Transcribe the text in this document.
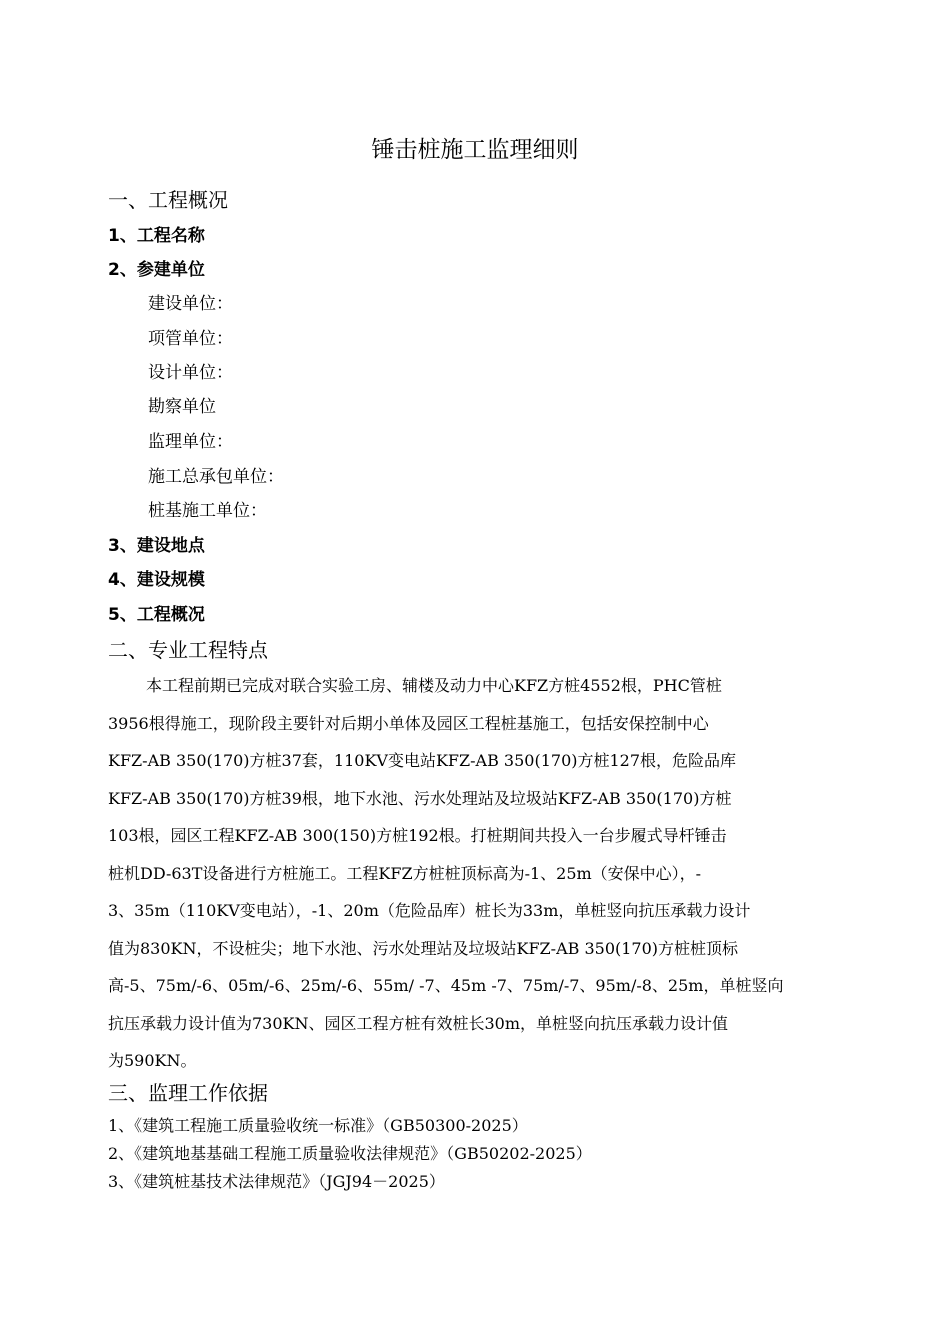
锤击桩施工监理细则
一、工程概况
1、工程名称
2、参建单位
建设单位：
项管单位：
设计单位：
勘察单位
监理单位：
施工总承包单位：
桩基施工单位：
3、建设地点
4、建设规模
5、工程概况
二、专业工程特点
本工程前期已完成对联合实验工房、辅楼及动力中心KFZ方桩4552根，PHC管桩
3956根得施工，现阶段主要针对后期小单体及园区工程桩基施工，包括安保控制中心
KFZ-AB 350(170)方桩37套，110KV变电站KFZ-AB 350(170)方桩127根，危险品库
KFZ-AB 350(170)方桩39根，地下水池、污水处理站及垃圾站KFZ-AB 350(170)方桩
103根，园区工程KFZ-AB 300(150)方桩192根。打桩期间共投入一台步履式导杆锤击
桩机DD-63T设备进行方桩施工。工程KFZ方桩桩顶标高为-1、25m（安保中心），-
3、35m（110KV变电站），-1、20m（危险品库）桩长为33m，单桩竖向抗压承载力设计
值为830KN，不设桩尖；地下水池、污水处理站及垃圾站KFZ-AB 350(170)方桩桩顶标
高-5、75m/-6、05m/-6、25m/-6、55m/ -7、45m -7、75m/-7、95m/-8、25m，单桩竖向
抗压承载力设计值为730KN、园区工程方桩有效桩长30m，单桩竖向抗压承载力设计值
为590KN。
三、监理工作依据
1、《建筑工程施工质量验收统一标准》（GB50300-2025）
2、《建筑地基基础工程施工质量验收法律规范》（GB50202-2025）
3、《建筑桩基技术法律规范》（JGJ94－2025）
